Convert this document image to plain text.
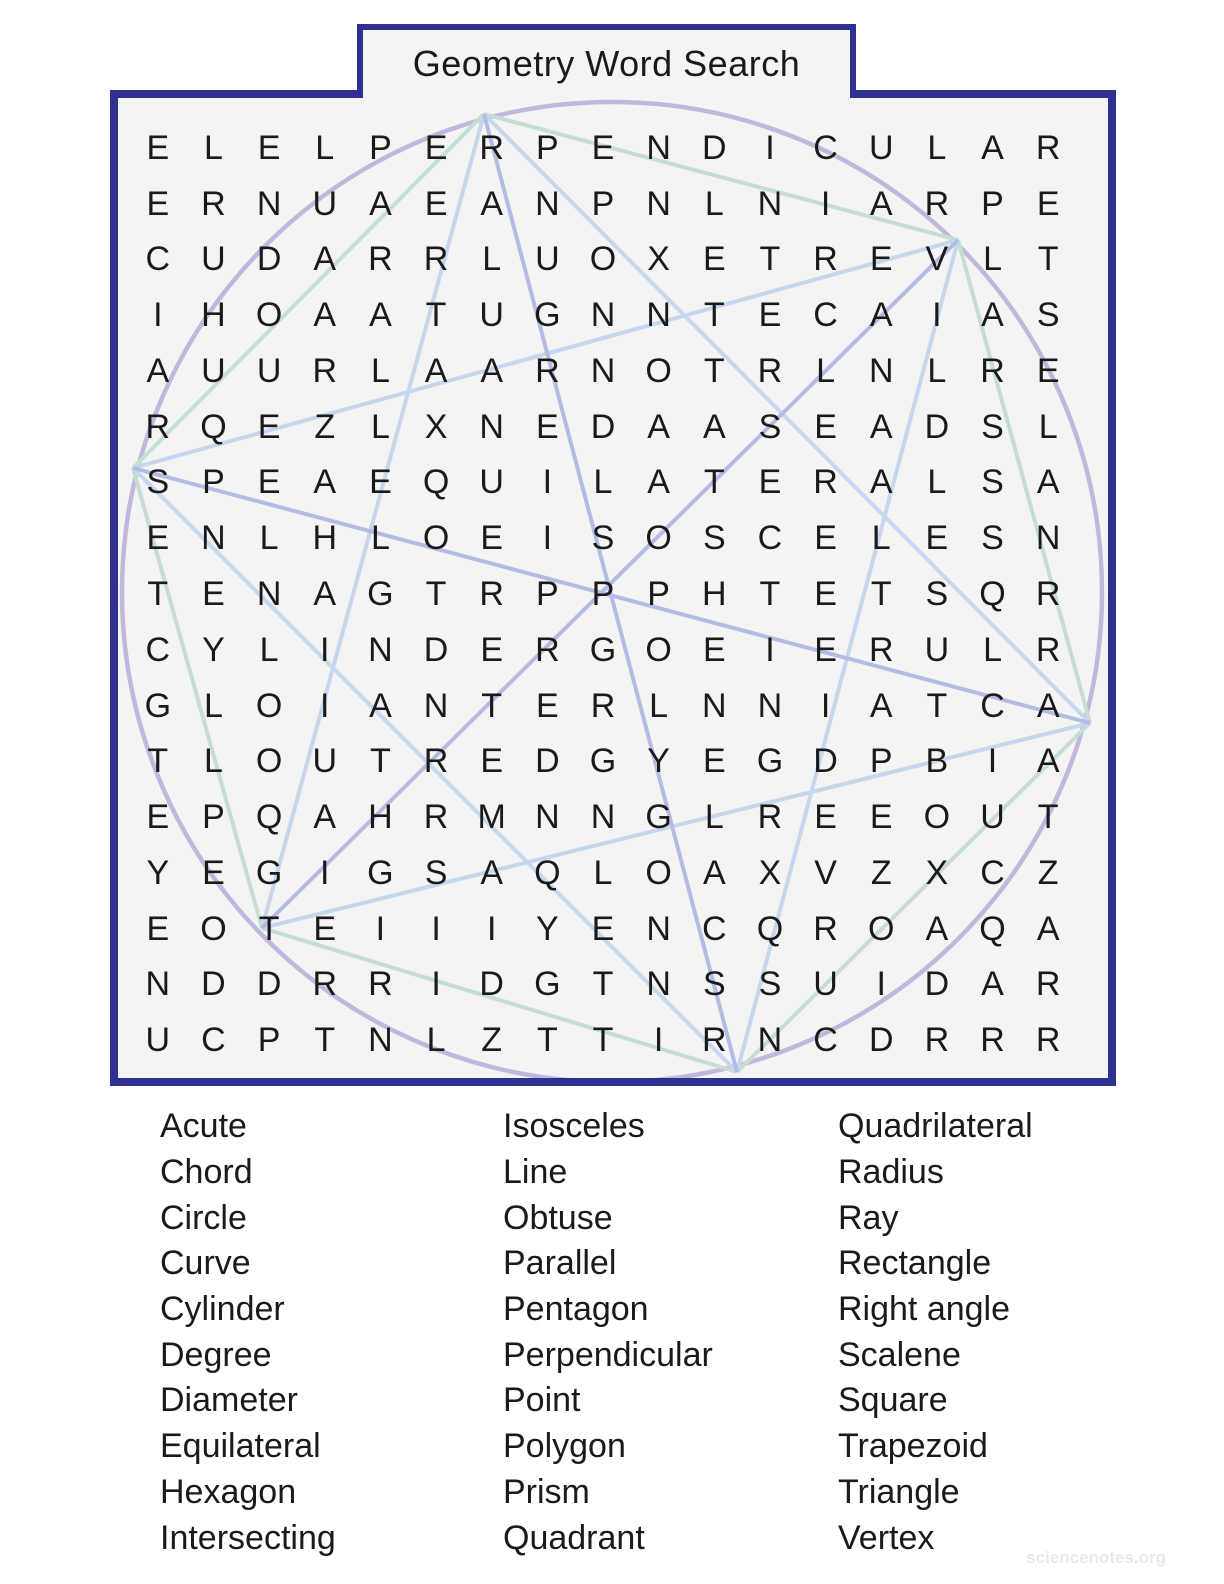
Geometry Word Search
E	L	E	L	P E R P E N D	I	C U L	A R
E R N U A E A N P N L N	I	A R P E
C U D A R R L U O X E T R E V	L	T
I	H O A A T U G N N T E C A	I	A S
A U U R L	A A R N O T R L N L R E
R Q E Z	L	X N E D A A S E A D S	L
S P E A E Q U	I	L	A T E R A	L	S A
E N L H L O E	I	S O S C E	L	E S N
T E N A G T R P P P H T E T S Q R
C Y	L	I	N D E R G O E	I	E R U L R
G L O	I	A N T E R L N N	I	A T C A
T	L O U T R E D G Y E G D P B	I	A
E P Q A H R M N N G L R E E O U T
Y E G	I	G S A Q L O A X V Z X C Z
E O T E	I	I	I	Y E N C Q R O A Q A
N D D R R	I	D G T N S S U	I	D A R
U C P T N L	Z	T	T	I	R N C D R R R
Acute
Chord
Circle
Curve
Cylinder
Degree
Diameter
Equilateral
Hexagon
Intersecting
Isosceles
Line
Obtuse
Parallel
Pentagon
Perpendicular
Point
Polygon
Prism
Quadrant
Quadrilateral
Radius
Ray
Rectangle
Right angle
Scalene
Square
Trapezoid
Triangle
Vertex
sciencenotes.org
